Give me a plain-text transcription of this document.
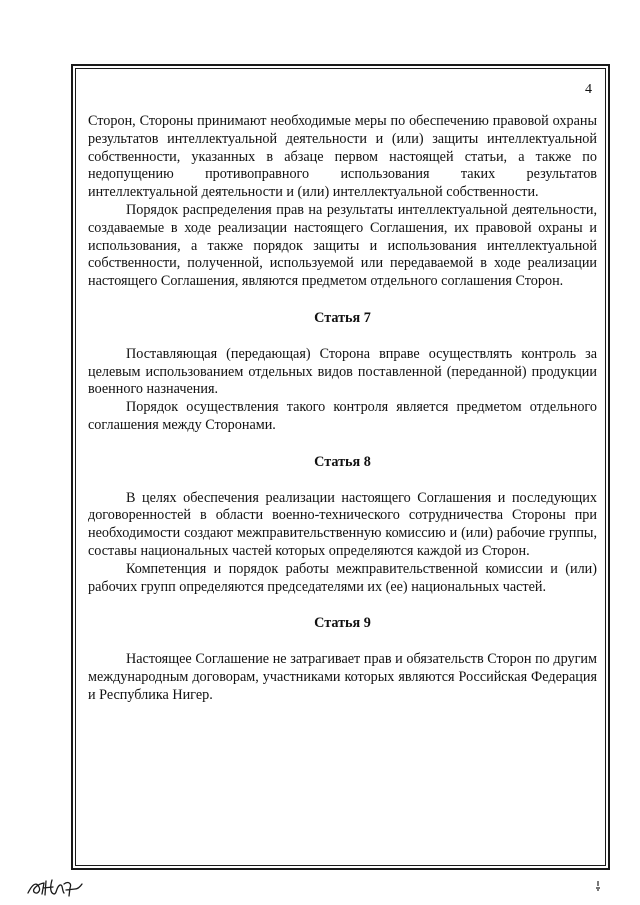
4

Сторон, Стороны принимают необходимые меры по обеспечению правовой охраны результатов интеллектуальной деятельности и (или) защиты интеллектуальной собственности, указанных в абзаце первом настоящей статьи, а также по недопущению противоправного использования таких результатов интеллектуальной деятельности и (или) интеллектуальной собственности.

Порядок распределения прав на результаты интеллектуальной деятельности, создаваемые в ходе реализации настоящего Соглашения, их правовой охраны и использования, а также порядок защиты и использования интеллектуальной собственности, полученной, используемой или передаваемой в ходе реализации настоящего Соглашения, являются предметом отдельного соглашения Сторон.

Статья 7

Поставляющая (передающая) Сторона вправе осуществлять контроль за целевым использованием отдельных видов поставленной (переданной) продукции военного назначения.

Порядок осуществления такого контроля является предметом отдельного соглашения между Сторонами.

Статья 8

В целях обеспечения реализации настоящего Соглашения и последующих договоренностей в области военно-технического сотрудничества Стороны при необходимости создают межправительственную комиссию и (или) рабочие группы, составы национальных частей которых определяются каждой из Сторон.

Компетенция и порядок работы межправительственной комиссии и (или) рабочих групп определяются председателями их (ее) национальных частей.

Статья 9

Настоящее Соглашение не затрагивает прав и обязательств Сторон по другим международным договорам, участниками которых являются Российская Федерация и Республика Нигер.
